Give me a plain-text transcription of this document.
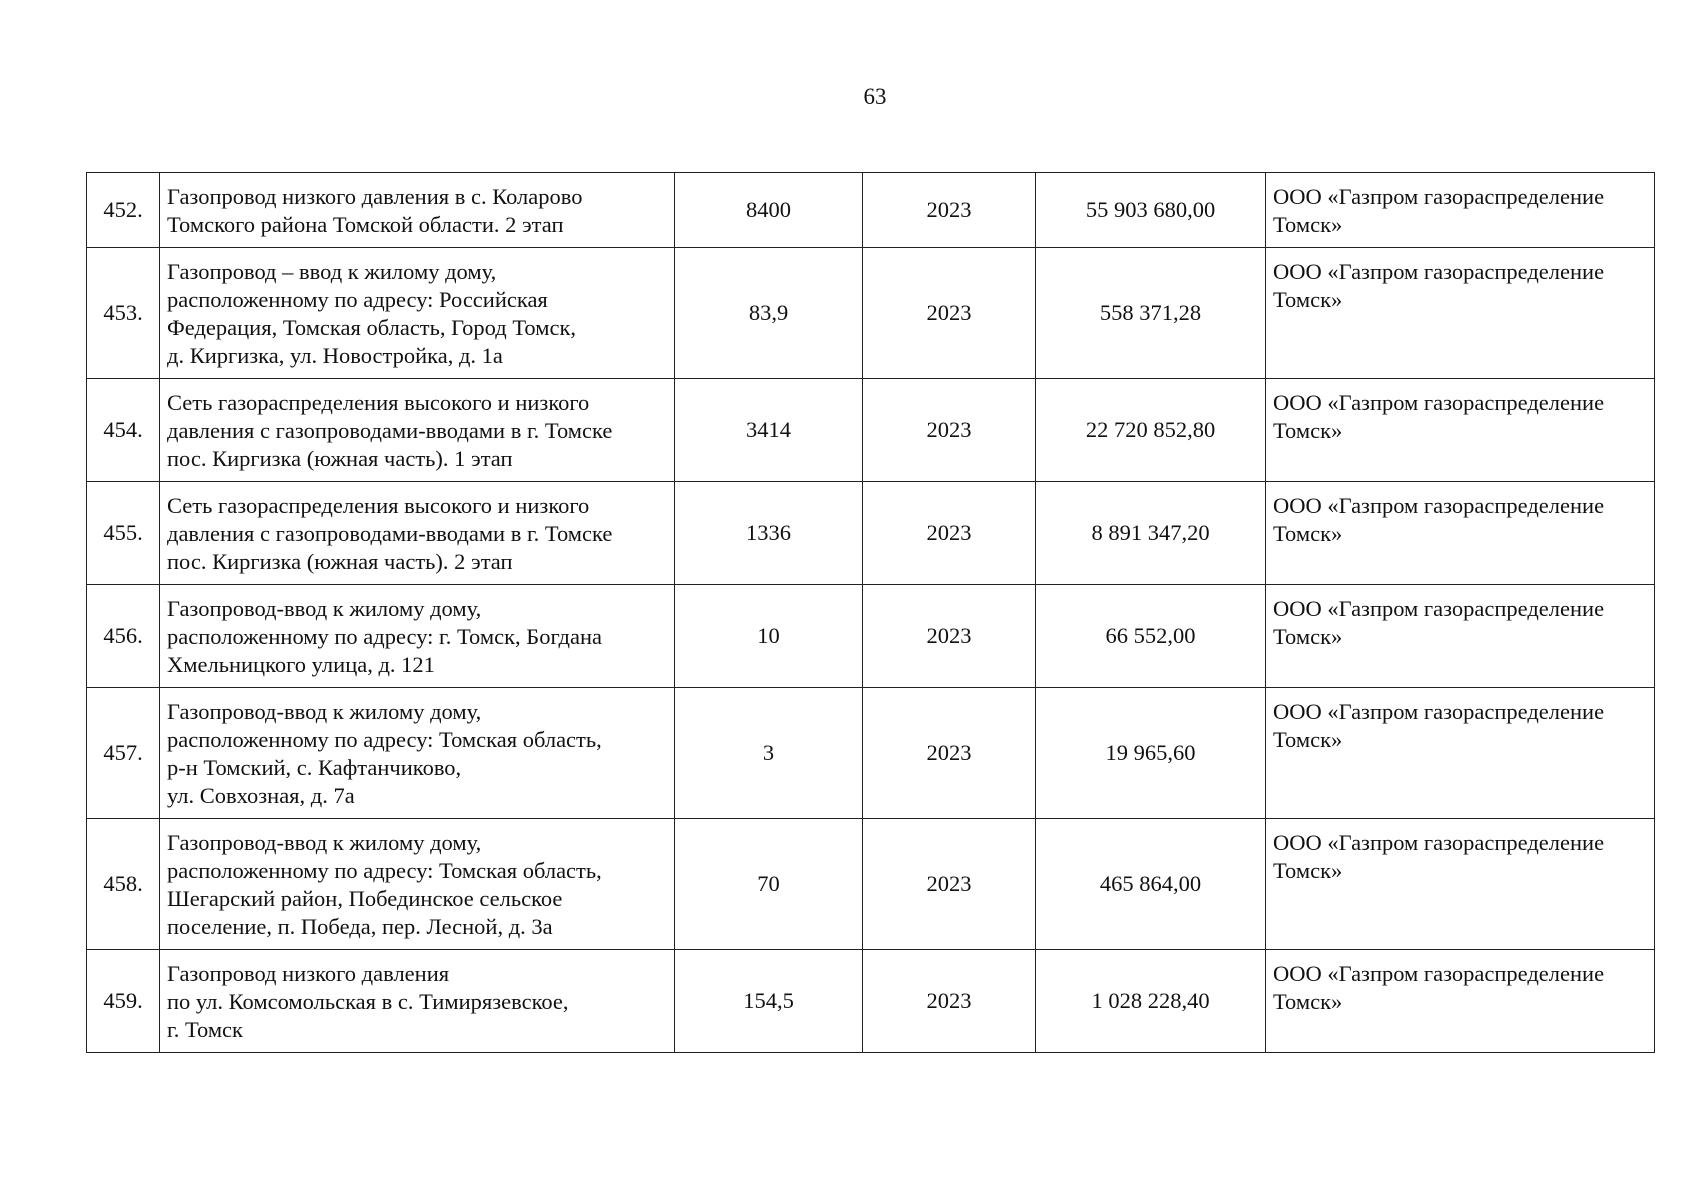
63
452.	Газопровод низкого давления в с. Коларово
Томского района Томской области. 2 этап	8400	2023	55 903 680,00	ООО «Газпром газораспределение
Томск»

453.	Газопровод – ввод к жилому дому,
расположенному по адресу: Российская
Федерация, Томская область, Город Томск,
д. Киргизка, ул. Новостройка, д. 1а	83,9	2023	558 371,28	ООО «Газпром газораспределение
Томск»

454.	Сеть газораспределения высокого и низкого
давления с газопроводами-вводами в г. Томске
пос. Киргизка (южная часть). 1 этап	3414	2023	22 720 852,80	ООО «Газпром газораспределение
Томск»

455.	Сеть газораспределения высокого и низкого
давления с газопроводами-вводами в г. Томске
пос. Киргизка (южная часть). 2 этап	1336	2023	8 891 347,20	ООО «Газпром газораспределение
Томск»

456.	Газопровод-ввод к жилому дому,
расположенному по адресу: г. Томск, Богдана
Хмельницкого улица, д. 121	10	2023	66 552,00	ООО «Газпром газораспределение
Томск»

457.	Газопровод-ввод к жилому дому,
расположенному по адресу: Томская область,
р-н Томский, с. Кафтанчиково,
ул. Совхозная, д. 7а	3	2023	19 965,60	ООО «Газпром газораспределение
Томск»

458.	Газопровод-ввод к жилому дому,
расположенному по адресу: Томская область,
Шегарский район, Побединское сельское
поселение, п. Победа, пер. Лесной, д. 3а	70	2023	465 864,00	ООО «Газпром газораспределение
Томск»

459.	Газопровод низкого давления
по ул. Комсомольская в с. Тимирязевское,
г. Томск	154,5	2023	1 028 228,40	ООО «Газпром газораспределение
Томск»
